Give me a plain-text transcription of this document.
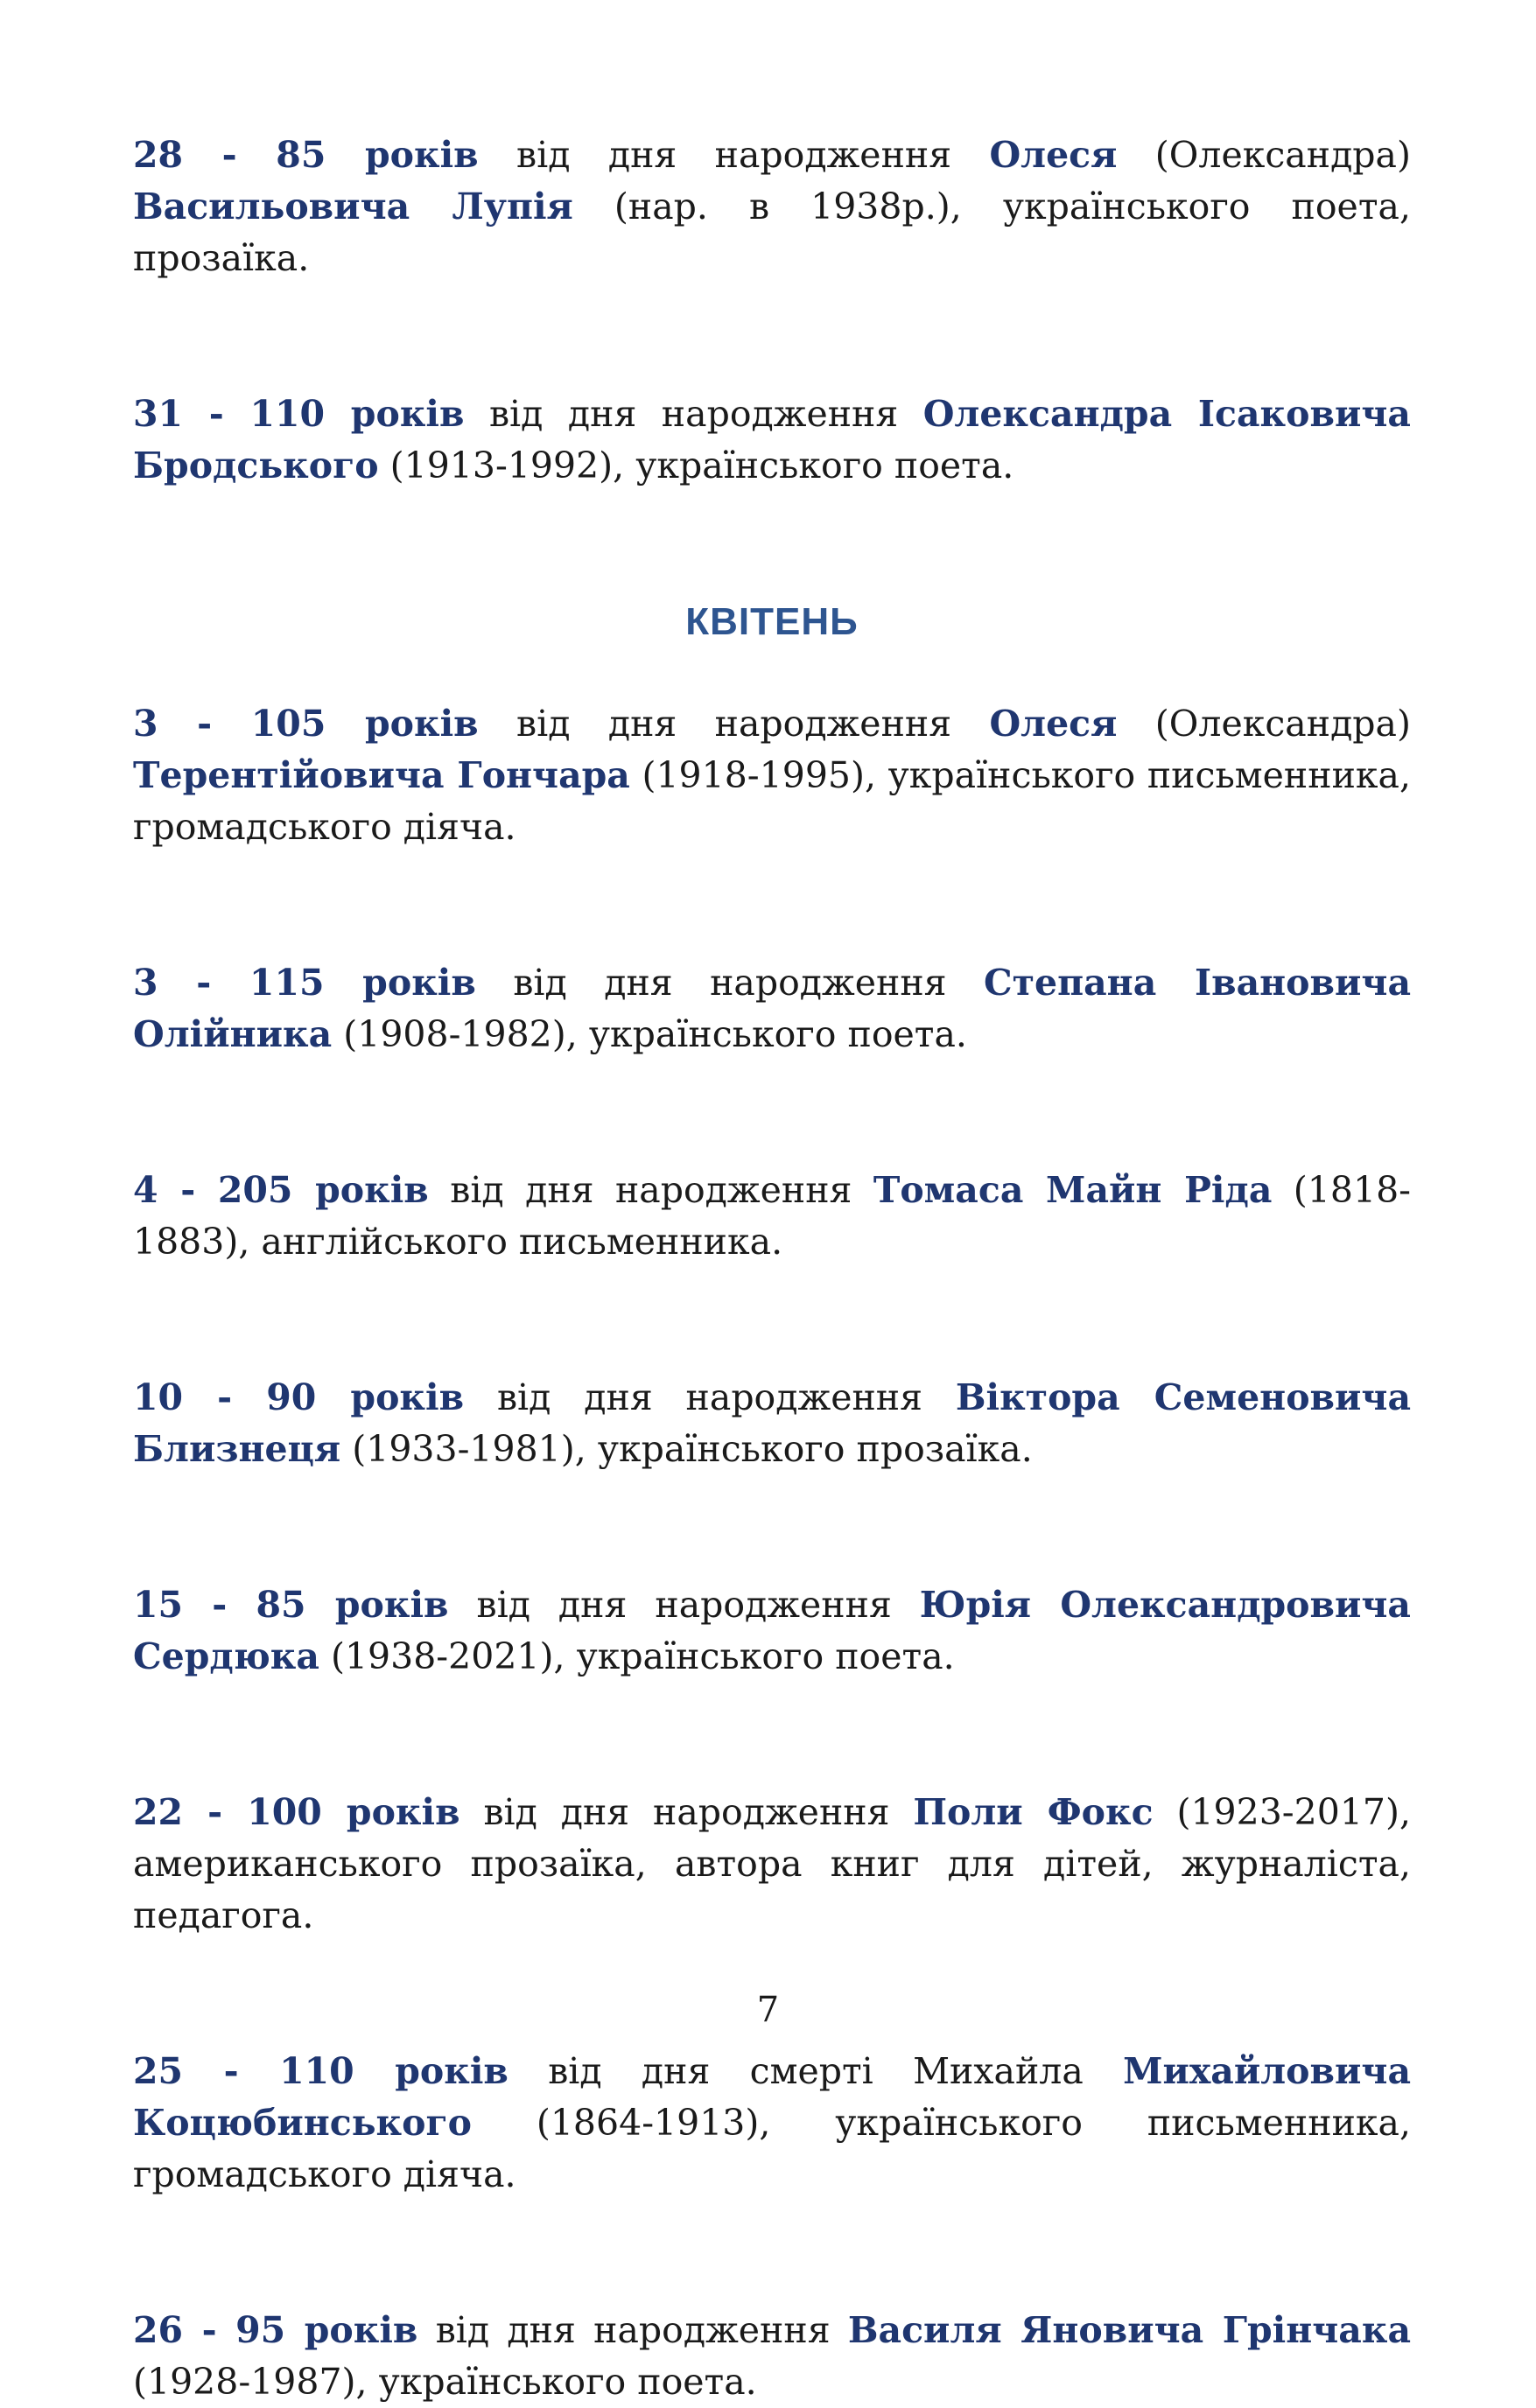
28 - 85 років від дня народження Олеся (Олександра) Васильовича Лупія (нар. в 1938р.), українського поета, прозаїка.

31 - 110 років від дня народження Олександра Ісаковича Бродського (1913-1992), українського поета.

КВІТЕНЬ

3 - 105 років від дня народження Олеся (Олександра) Терентійовича Гончара (1918-1995), українського письменника, громадського діяча.

3 - 115 років від дня народження Степана Івановича Олійника (1908-1982), українського поета.

4 - 205 років від дня народження Томаса Майн Ріда (1818-1883), англійського письменника.

10 - 90 років від дня народження Віктора Семеновича Близнеця (1933-1981), українського прозаїка.

15 - 85 років від дня народження Юрія Олександровича Сердюка (1938-2021), українського поета.

22 - 100 років від дня народження Поли Фокс (1923-2017), американського прозаїка, автора книг для дітей, журналіста, педагога.

25 - 110 років від дня смерті Михайла Михайловича Коцюбинського (1864-1913), українського письменника, громадського діяча.

26 - 95 років від дня народження Василя Яновича Грінчака (1928-1987), українського поета.

7
